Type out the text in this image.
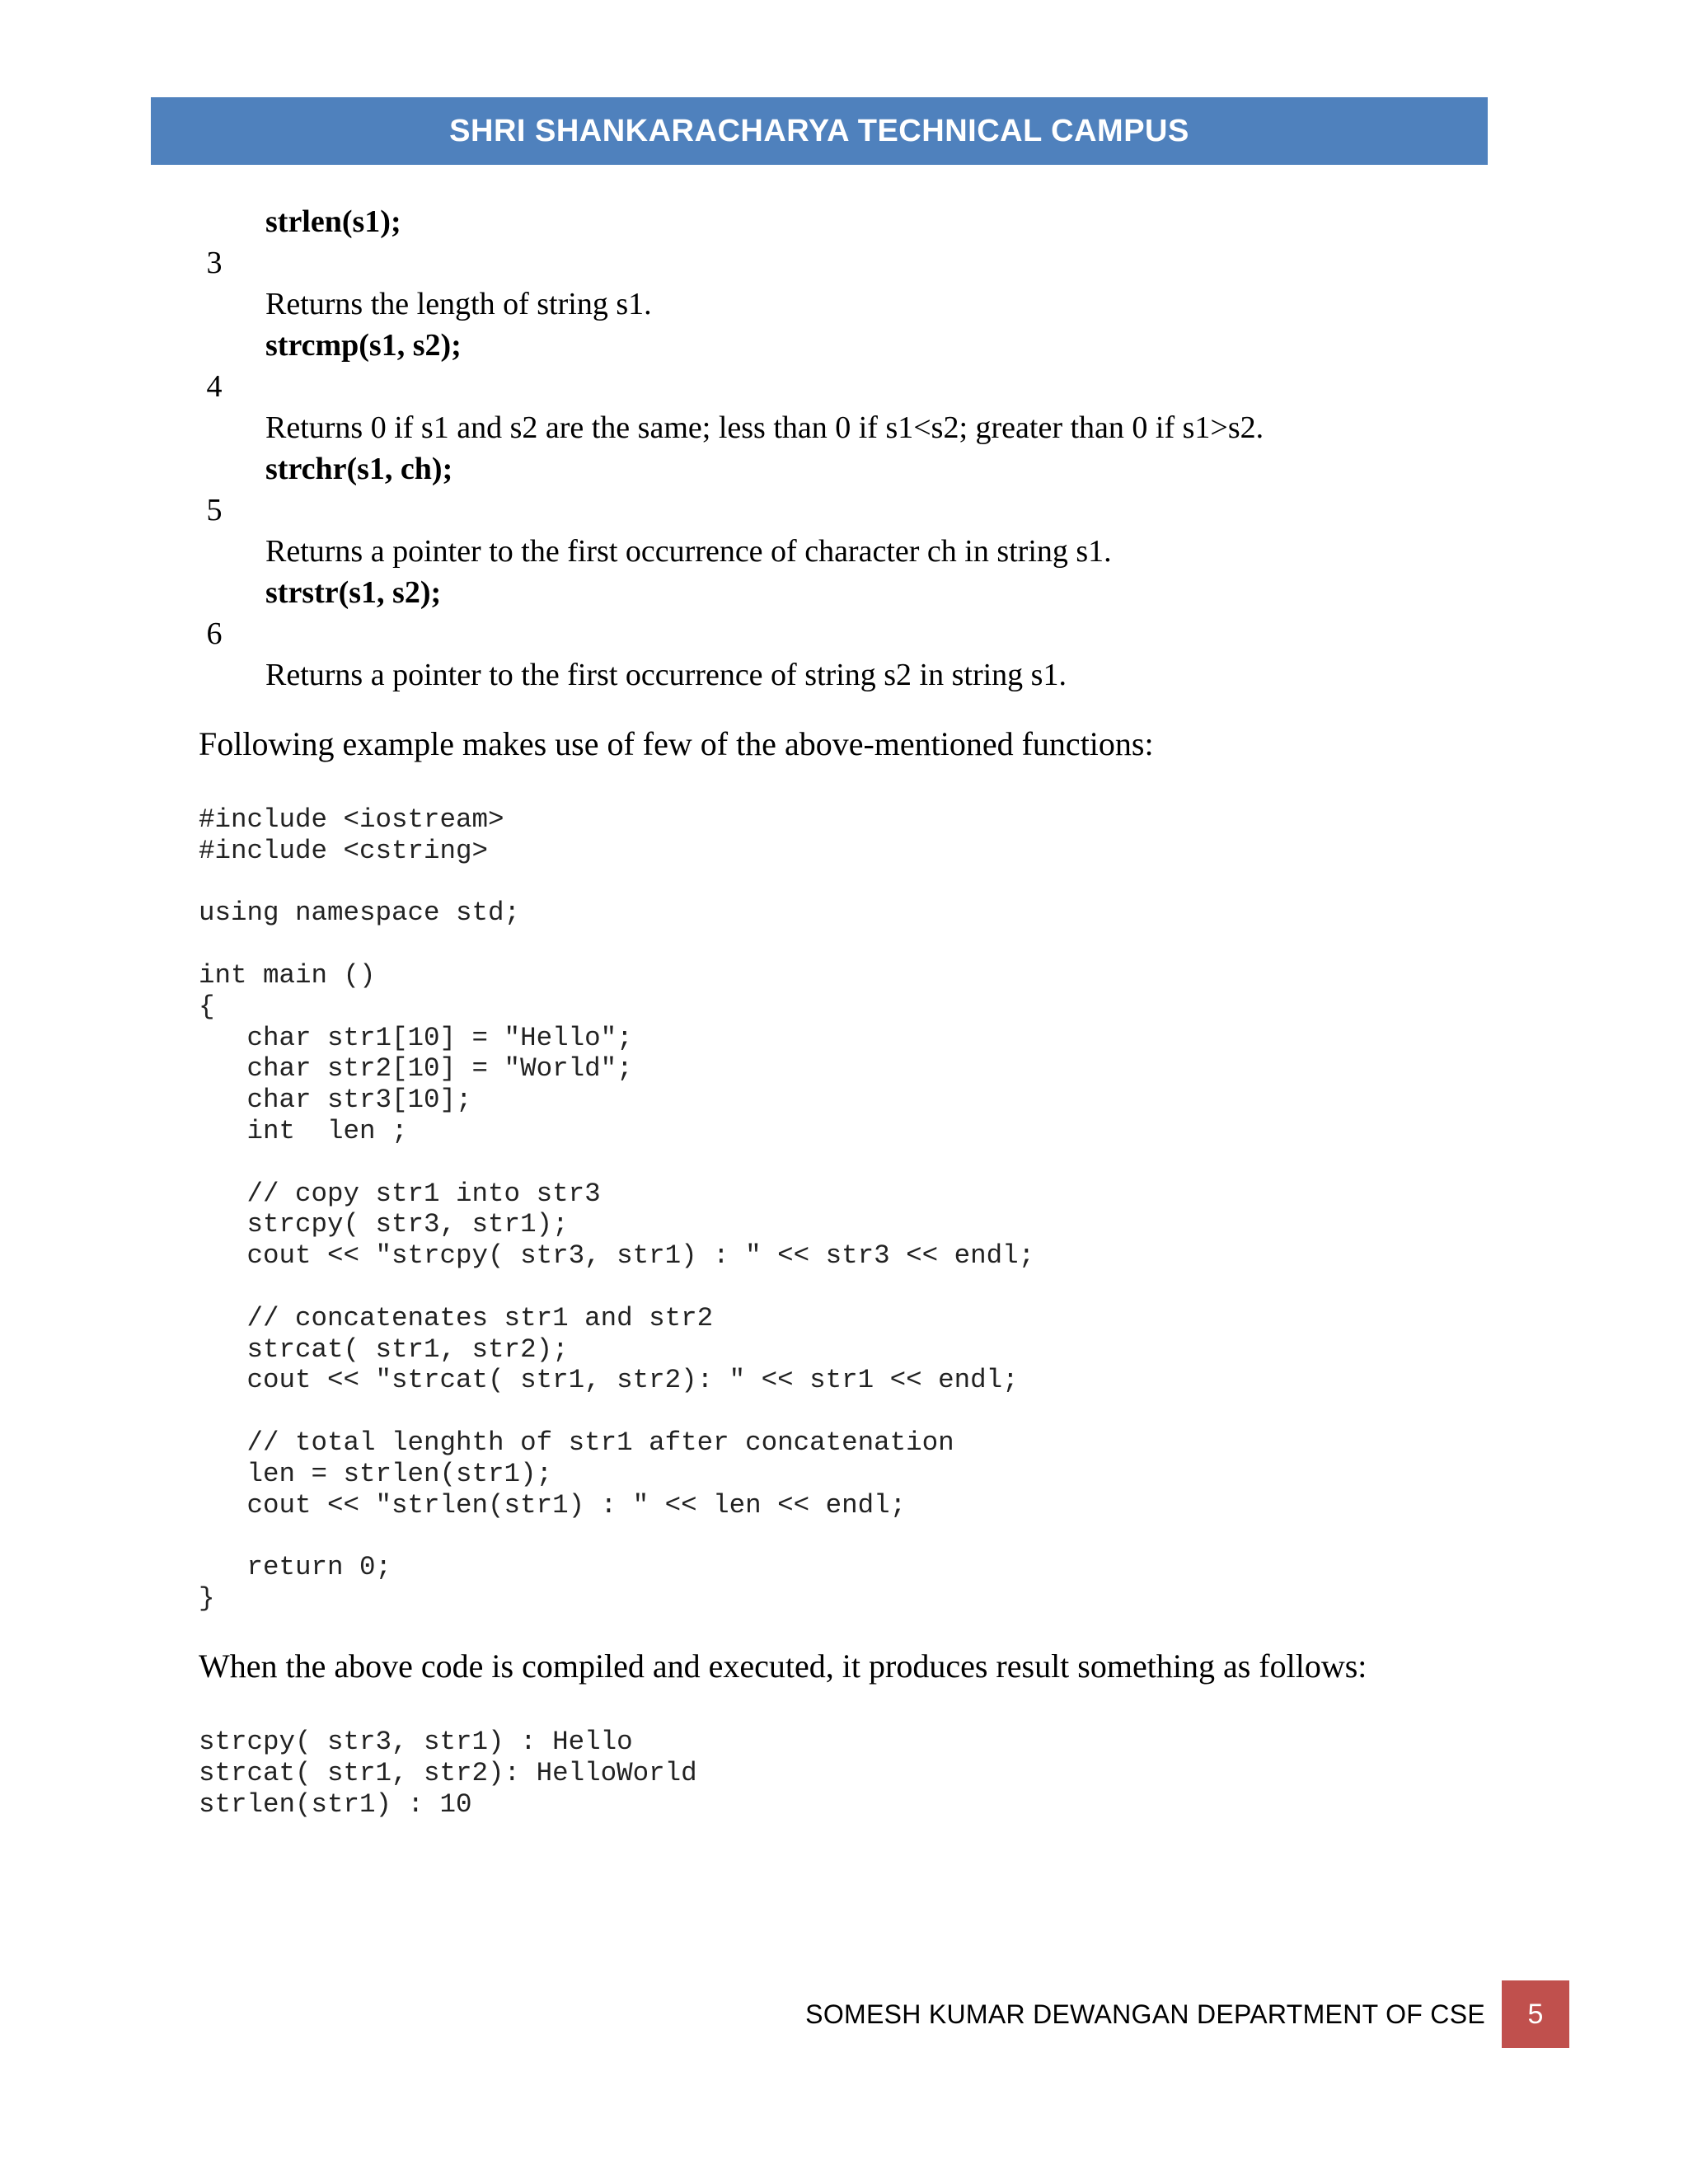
SHRI SHANKARACHARYA TECHNICAL CAMPUS
3
strlen(s1);
Returns the length of string s1.
4
strcmp(s1, s2);
Returns 0 if s1 and s2 are the same; less than 0 if s1<s2; greater than 0 if s1>s2.
5
strchr(s1, ch);
Returns a pointer to the first occurrence of character ch in string s1.
6
strstr(s1, s2);
Returns a pointer to the first occurrence of string s2 in string s1.
Following example makes use of few of the above-mentioned functions:
#include <iostream>
#include <cstring>

using namespace std;

int main ()
{
char str1[10] = "Hello";
char str2[10] = "World";
char str3[10];
int  len ;

// copy str1 into str3
strcpy( str3, str1);
cout << "strcpy( str3, str1) : " << str3 << endl;

// concatenates str1 and str2
strcat( str1, str2);
cout << "strcat( str1, str2): " << str1 << endl;

// total lenghth of str1 after concatenation
len = strlen(str1);
cout << "strlen(str1) : " << len << endl;

return 0;
}
When the above code is compiled and executed, it produces result something as follows:
strcpy( str3, str1) : Hello
strcat( str1, str2): HelloWorld
strlen(str1) : 10
SOMESH KUMAR DEWANGAN DEPARTMENT OF CSE	5
